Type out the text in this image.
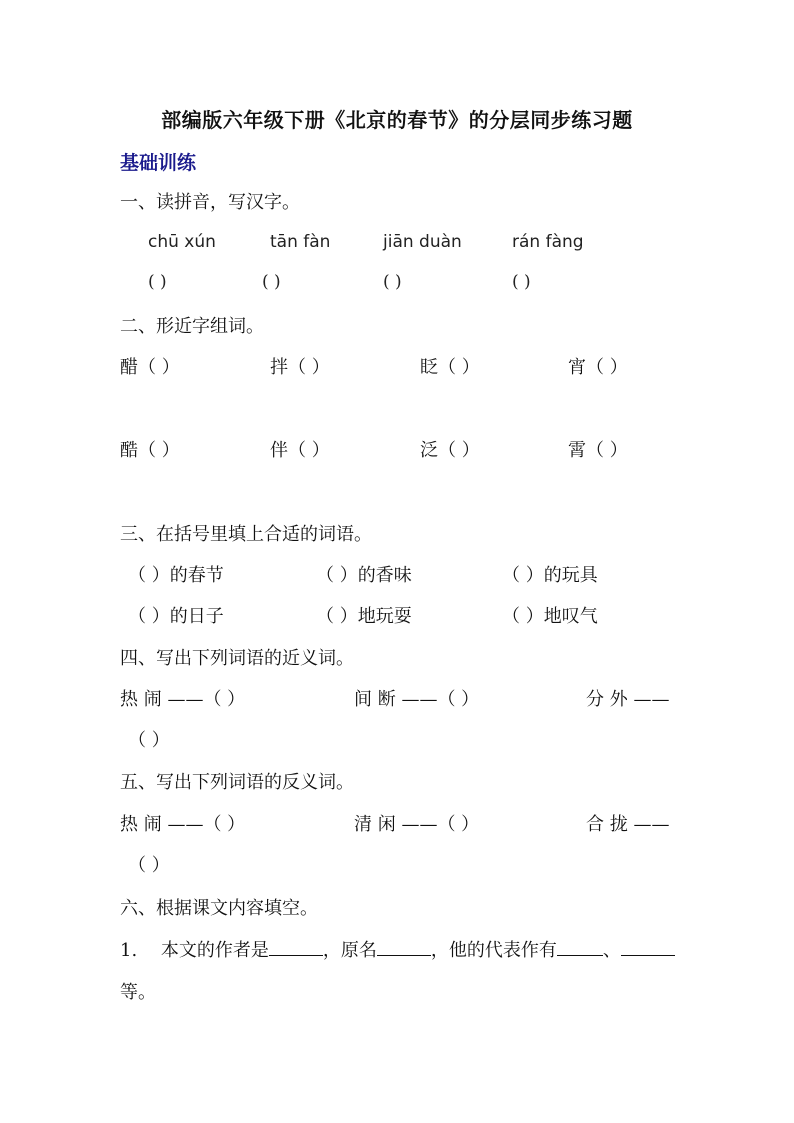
部编版六年级下册《北京的春节》的分层同步练习题
基础训练
一、读拼音，写汉字。
chū xún	tān fàn	jiān duàn	rán fàng
( )	( )	( )	( )
二、形近字组词。
醋（ ）	拌（ ）	眨（ ）	宵（ ）
酷（ ）	伴（ ）	泛（ ）	霄（ ）
三、在括号里填上合适的词语。
（ ）的春节	（ ）的香味	（ ）的玩具
（ ）的日子	（ ）地玩耍	（ ）地叹气
四、写出下列词语的近义词。
热 闹 ——（ ）	间 断 ——（ ）	分 外 ——
（ ）
五、写出下列词语的反义词。
热 闹 ——（ ）	清 闲 ——（ ）	合 拢 ——
（ ）
六、根据课文内容填空。
1. 本文的作者是	，原名	，他的代表作有	、
等。
